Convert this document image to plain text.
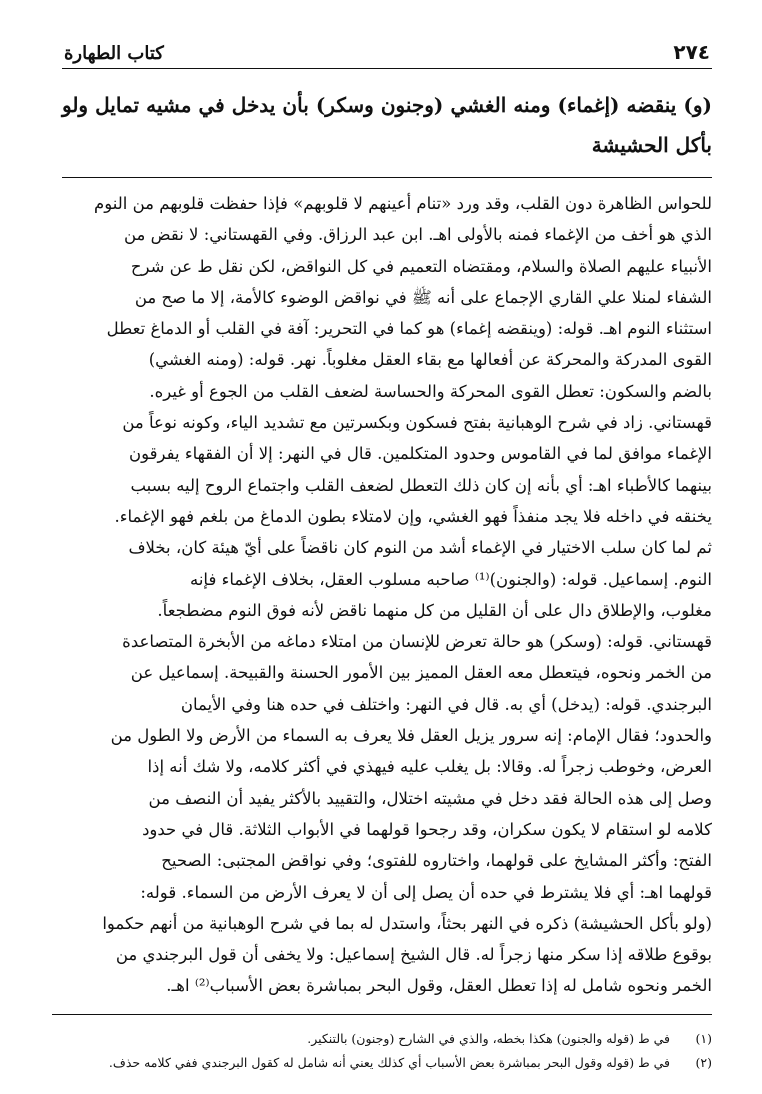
٢٧٤
كتاب الطهارة
(و) ينقضه (إغماء) ومنه الغشي (وجنون وسكر) بأن يدخل في مشيه تمايل ولو بأكل الحشيشة
للحواس الظاهرة دون القلب، وقد ورد «تنام أعينهم لا قلوبهم» فإذا حفظت قلوبهم من النوم
الذي هو أخف من الإغماء فمنه بالأولى اهـ. ابن عبد الرزاق. وفي القهستاني: لا نقض من
الأنبياء عليهم الصلاة والسلام، ومقتضاه التعميم في كل النواقض، لكن نقل ط عن شرح
الشفاء لمنلا علي القاري الإجماع على أنه ﷺ في نواقض الوضوء كالأمة، إلا ما صح من
استثناء النوم اهـ. قوله: (وينقضه إغماء) هو كما في التحرير: آفة في القلب أو الدماغ تعطل
القوى المدركة والمحركة عن أفعالها مع بقاء العقل مغلوباً. نهر. قوله: (ومنه الغشي)
بالضم والسكون: تعطل القوى المحركة والحساسة لضعف القلب من الجوع أو غيره.
قهستاني. زاد في شرح الوهبانية بفتح فسكون وبكسرتين مع تشديد الياء، وكونه نوعاً من
الإغماء موافق لما في القاموس وحدود المتكلمين. قال في النهر: إلا أن الفقهاء يفرقون
بينهما كالأطباء اهـ: أي بأنه إن كان ذلك التعطل لضعف القلب واجتماع الروح إليه بسبب
يخنقه في داخله فلا يجد منفذاً فهو الغشي، وإن لامتلاء بطون الدماغ من بلغم فهو الإغماء.
ثم لما كان سلب الاختيار في الإغماء أشد من النوم كان ناقضاً على أيّ هيئة كان، بخلاف
النوم. إسماعيل. قوله: (والجنون)⁽¹⁾ صاحبه مسلوب العقل، بخلاف الإغماء فإنه
مغلوب، والإطلاق دال على أن القليل من كل منهما ناقض لأنه فوق النوم مضطجعاً.
قهستاني. قوله: (وسكر) هو حالة تعرض للإنسان من امتلاء دماغه من الأبخرة المتصاعدة
من الخمر ونحوه، فيتعطل معه العقل المميز بين الأمور الحسنة والقبيحة. إسماعيل عن
البرجندي. قوله: (يدخل) أي به. قال في النهر: واختلف في حده هنا وفي الأيمان
والحدود؛ فقال الإمام: إنه سرور يزيل العقل فلا يعرف به السماء من الأرض ولا الطول من
العرض، وخوطب زجراً له. وقالا: بل يغلب عليه فيهذي في أكثر كلامه، ولا شك أنه إذا
وصل إلى هذه الحالة فقد دخل في مشيته اختلال، والتقييد بالأكثر يفيد أن النصف من
كلامه لو استقام لا يكون سكران، وقد رجحوا قولهما في الأبواب الثلاثة. قال في حدود
الفتح: وأكثر المشايخ على قولهما، واختاروه للفتوى؛ وفي نواقض المجتبى: الصحيح
قولهما اهـ: أي فلا يشترط في حده أن يصل إلى أن لا يعرف الأرض من السماء. قوله:
(ولو بأكل الحشيشة) ذكره في النهر بحثاً، واستدل له بما في شرح الوهبانية من أنهم حكموا
بوقوع طلاقه إذا سكر منها زجراً له. قال الشيخ إسماعيل: ولا يخفى أن قول البرجندي من
الخمر ونحوه شامل له إذا تعطل العقل، وقول البحر بمباشرة بعض الأسباب⁽²⁾ اهـ.
(١)
في ط (قوله والجنون) هكذا بخطه، والذي في الشارح (وجنون) بالتنكير.
(٢)
في ط (قوله وقول البحر بمباشرة بعض الأسباب أي كذلك يعني أنه شامل له كقول البرجندي ففي كلامه حذف.
